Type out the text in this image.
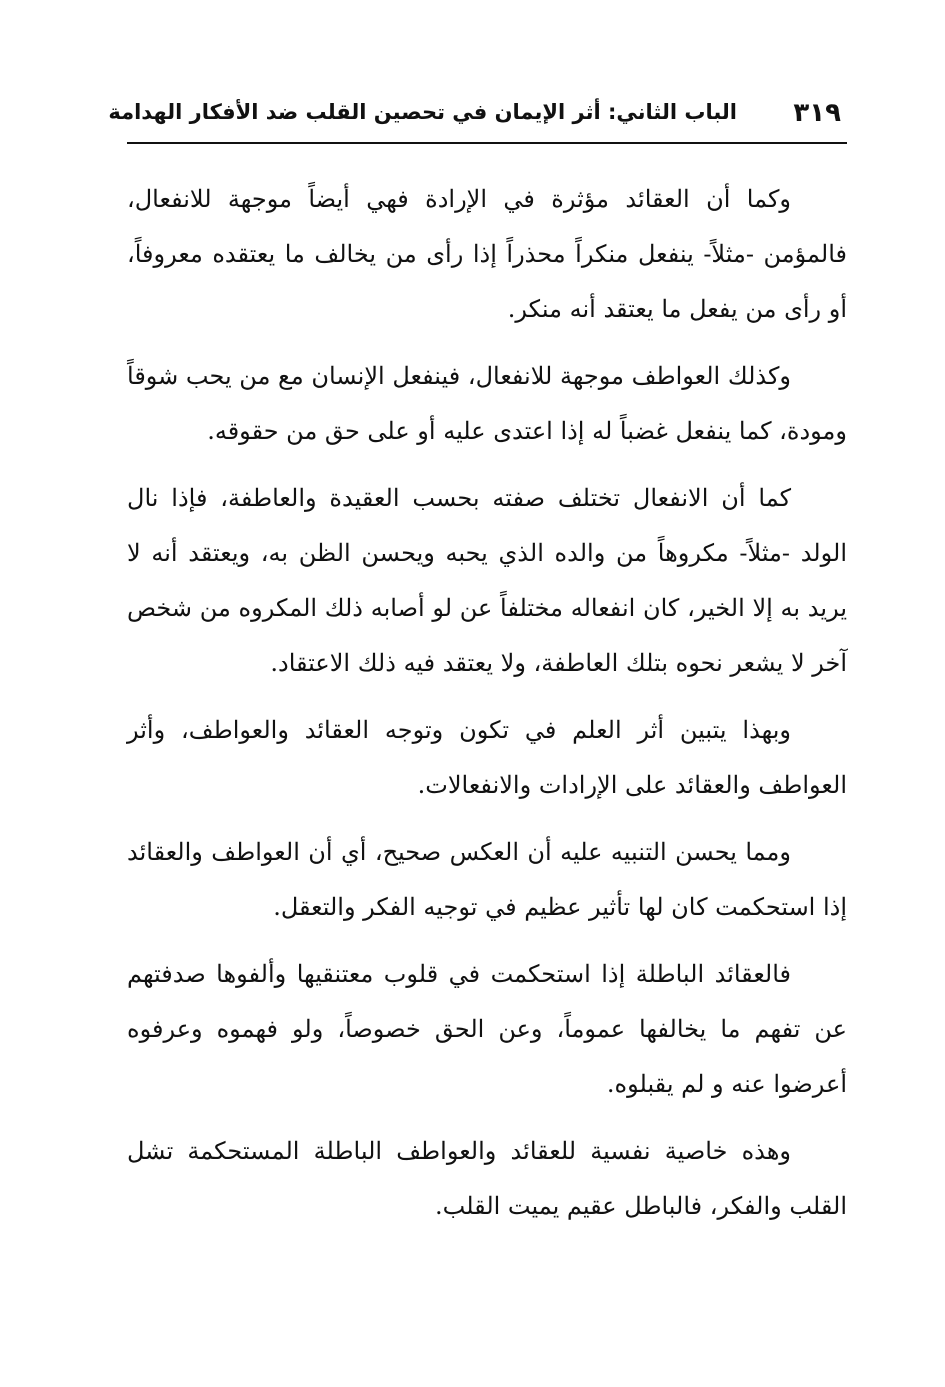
٣١٩
الباب الثاني: أثر الإيمان في تحصين القلب ضد الأفكار الهدامة

وكما أن العقائد مؤثرة في الإرادة فهي أيضاً موجهة للانفعال، فالمؤمن -مثلاً- ينفعل منكراً محذراً إذا رأى من يخالف ما يعتقده معروفاً، أو رأى من يفعل ما يعتقد أنه منكر.

وكذلك العواطف موجهة للانفعال، فينفعل الإنسان مع من يحب شوقاً ومودة، كما ينفعل غضباً له إذا اعتدى عليه أو على حق من حقوقه.

كما أن الانفعال تختلف صفته بحسب العقيدة والعاطفة، فإذا نال الولد -مثلاً- مكروهاً من والده الذي يحبه ويحسن الظن به، ويعتقد أنه لا يريد به إلا الخير، كان انفعاله مختلفاً عن لو أصابه ذلك المكروه من شخص آخر لا يشعر نحوه بتلك العاطفة، ولا يعتقد فيه ذلك الاعتقاد.

وبهذا يتبين أثر العلم في تكون وتوجه العقائد والعواطف، وأثر العواطف والعقائد على الإرادات والانفعالات.

ومما يحسن التنبيه عليه أن العكس صحيح، أي أن العواطف والعقائد إذا استحكمت كان لها تأثير عظيم في توجيه الفكر والتعقل.

فالعقائد الباطلة إذا استحكمت في قلوب معتنقيها وألفوها صدفتهم عن تفهم ما يخالفها عموماً، وعن الحق خصوصاً، ولو فهموه وعرفوه أعرضوا عنه و لم يقبلوه.

وهذه خاصية نفسية للعقائد والعواطف الباطلة المستحكمة تشل القلب والفكر، فالباطل عقيم يميت القلب.
